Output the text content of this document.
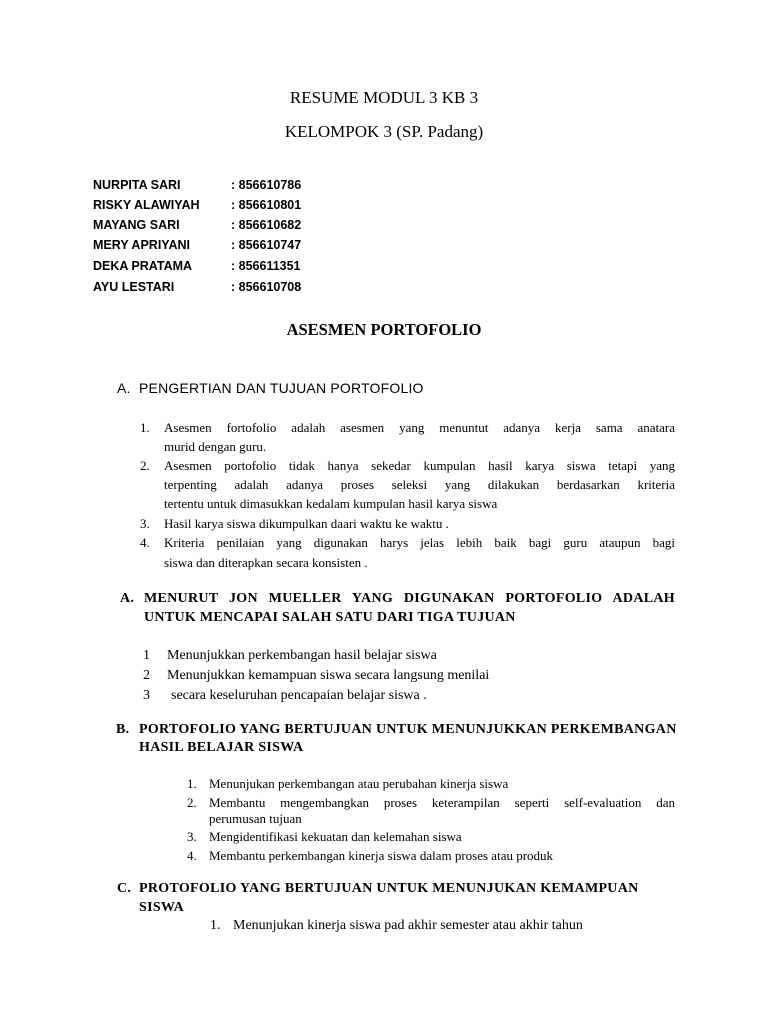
RESUME MODUL 3 KB 3
KELOMPOK 3 (SP. Padang)
NURPITA SARI	: 856610786
RISKY ALAWIYAH	: 856610801
MAYANG SARI	: 856610682
MERY APRIYANI	: 856610747
DEKA PRATAMA	: 856611351
AYU LESTARI	: 856610708
ASESMEN PORTOFOLIO
A. PENGERTIAN DAN TUJUAN PORTOFOLIO
1. Asesmen fortofolio adalah asesmen yang menuntut adanya kerja sama anatara
murid dengan guru.
2. Asesmen portofolio tidak hanya sekedar kumpulan hasil karya siswa tetapi yang
terpenting adalah adanya proses seleksi yang dilakukan berdasarkan kriteria
tertentu untuk dimasukkan kedalam kumpulan hasil karya siswa
3. Hasil karya siswa dikumpulkan daari waktu ke waktu .
4. Kriteria penilaian yang digunakan harys jelas lebih baik bagi guru ataupun bagi
siswa dan diterapkan secara konsisten .
A. MENURUT JON MUELLER YANG DIGUNAKAN PORTOFOLIO ADALAH
UNTUK MENCAPAI SALAH SATU DARI TIGA TUJUAN
1 Menunjukkan perkembangan hasil belajar siswa
2 Menunjukkan kemampuan siswa secara langsung menilai
3 secara keseluruhan pencapaian belajar siswa .
B. PORTOFOLIO YANG BERTUJUAN UNTUK MENUNJUKKAN PERKEMBANGAN
HASIL BELAJAR SISWA
1. Menunjukan perkembangan atau perubahan kinerja siswa
2. Membantu mengembangkan proses keterampilan seperti self-evaluation dan
perumusan tujuan
3. Mengidentifikasi kekuatan dan kelemahan siswa
4. Membantu perkembangan kinerja siswa dalam proses atau produk
C. PROTOFOLIO YANG BERTUJUAN UNTUK MENUNJUKAN KEMAMPUAN
SISWA
1. Menunjukan kinerja siswa pad akhir semester atau akhir tahun
